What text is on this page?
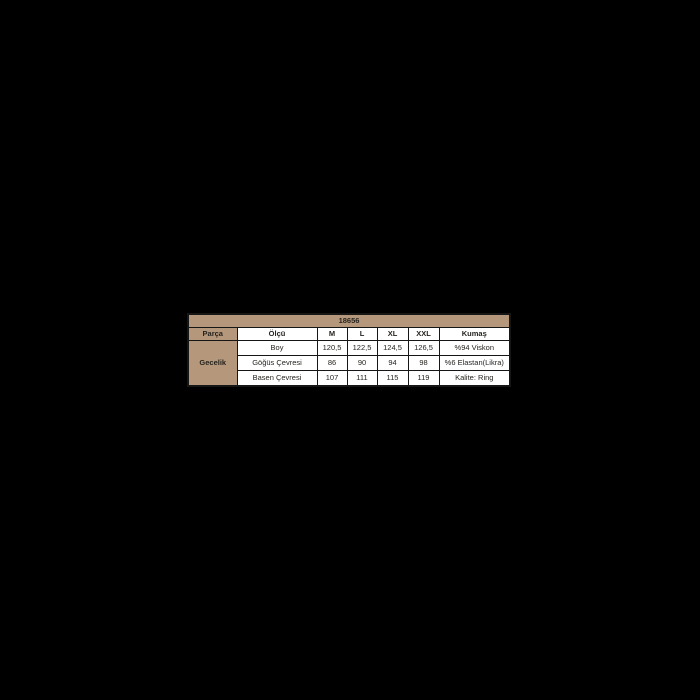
18656						
Parça	Ölçü	M	L	XL	XXL	Kumaş
Gecelik	Boy	120,5	122,5	124,5	126,5	%94 Viskon
	Göğüs Çevresi	86	90	94	98	%6 Elastan(Likra)
	Basen Çevresi	107	111	115	119	Kalite: Ring
